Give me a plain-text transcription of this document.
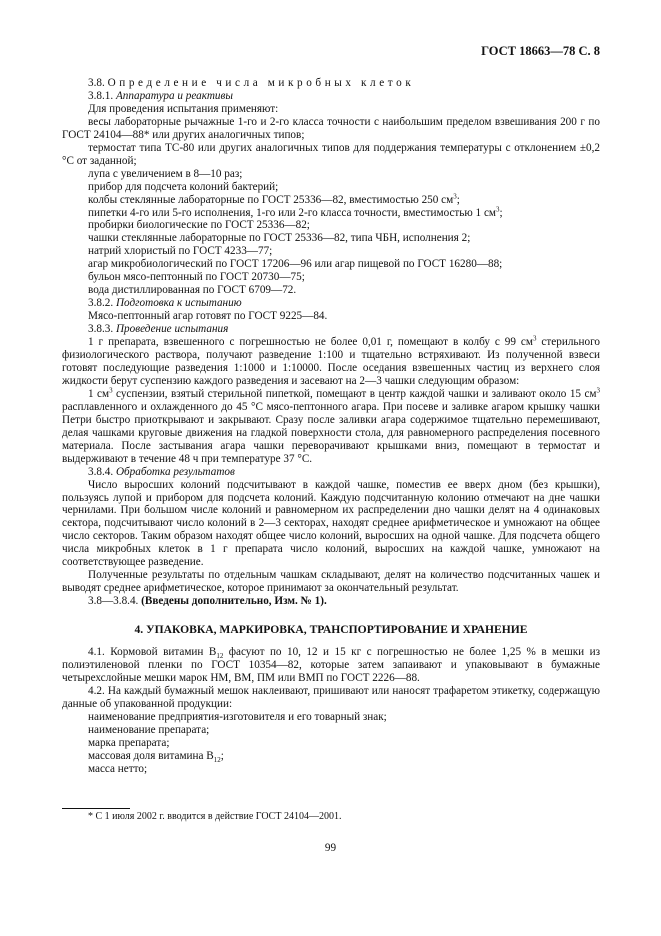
ГОСТ 18663—78 С. 8

3.8. Определение числа микробных клеток

3.8.1. Аппаратура и реактивы

Для проведения испытания применяют:

весы лабораторные рычажные 1-го и 2-го класса точности с наибольшим пределом взвешивания 200 г по ГОСТ 24104—88* или других аналогичных типов;

термостат типа ТС-80 или других аналогичных типов для поддержания температуры с отклонением ±0,2 °С от заданной;

лупа с увеличением в 8—10 раз;

прибор для подсчета колоний бактерий;

колбы стеклянные лабораторные по ГОСТ 25336—82, вместимостью 250 $см^3$;

пипетки 4-го или 5-го исполнения, 1-го или 2-го класса точности, вместимостью 1 $см^3$;

пробирки биологические по ГОСТ 25336—82;

чашки стеклянные лабораторные по ГОСТ 25336—82, типа ЧБН, исполнения 2;

натрий хлористый по ГОСТ 4233—77;

агар микробиологический по ГОСТ 17206—96 или агар пищевой по ГОСТ 16280—88;

бульон мясо-пептонный по ГОСТ 20730—75;

вода дистиллированная по ГОСТ 6709—72.

3.8.2. Подготовка к испытанию

Мясо-пептонный агар готовят по ГОСТ 9225—84.

3.8.3. Проведение испытания

1 г препарата, взвешенного с погрешностью не более 0,01 г, помещают в колбу с 99 $см^3$ стерильного физиологического раствора, получают разведение 1:100 и тщательно встряхивают. Из полученной взвеси готовят последующие разведения 1:1000 и 1:10000. После оседания взвешенных частиц из верхнего слоя жидкости берут суспензию каждого разведения и засевают на 2—3 чашки следующим образом:

1 $см^3$ суспензии, взятый стерильной пипеткой, помещают в центр каждой чашки и заливают около 15 $см^3$ расплавленного и охлажденного до 45 °С мясо-пептонного агара. При посеве и заливке агаром крышку чашки Петри быстро приоткрывают и закрывают. Сразу после заливки агара содержимое тщательно перемешивают, делая чашками круговые движения на гладкой поверхности стола, для равномерного распределения посевного материала. После застывания агара чашки переворачивают крышками вниз, помещают в термостат и выдерживают в течение 48 ч при температуре 37 °С.

3.8.4. Обработка результатов

Число выросших колоний подсчитывают в каждой чашке, поместив ее вверх дном (без крышки), пользуясь лупой и прибором для подсчета колоний. Каждую подсчитанную колонию отмечают на дне чашки чернилами. При большом числе колоний и равномерном их распределении дно чашки делят на 4 одинаковых сектора, подсчитывают число колоний в 2—3 секторах, находят среднее арифметическое и умножают на общее число секторов. Таким образом находят общее число колоний, выросших на одной чашке. Для подсчета общего числа микробных клеток в 1 г препарата число колоний, выросших на каждой чашке, умножают на соответствующее разведение.

Полученные результаты по отдельным чашкам складывают, делят на количество подсчитанных чашек и выводят среднее арифметическое, которое принимают за окончательный результат.

3.8—3.8.4. (Введены дополнительно, Изм. № 1).

4. УПАКОВКА, МАРКИРОВКА, ТРАНСПОРТИРОВАНИЕ И ХРАНЕНИЕ

4.1. Кормовой витамин $В_{12}$ фасуют по 10, 12 и 15 кг с погрешностью не более 1,25 % в мешки из полиэтиленовой пленки по ГОСТ 10354—82, которые затем запаивают и упаковывают в бумажные четырехслойные мешки марок НМ, ВМ, ПМ или ВМП по ГОСТ 2226—88.

4.2. На каждый бумажный мешок наклеивают, пришивают или наносят трафаретом этикетку, содержащую данные об упакованной продукции:

наименование предприятия-изготовителя и его товарный знак;

наименование препарата;

марка препарата;

массовая доля витамина $В_{12}$;

масса нетто;

* С 1 июля 2002 г. вводится в действие ГОСТ 24104—2001.
99
